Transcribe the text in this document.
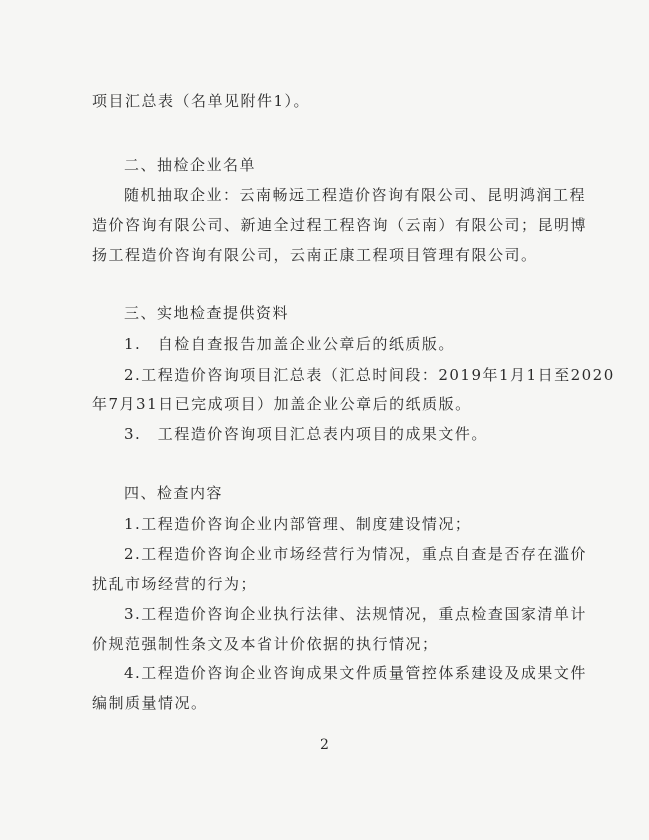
项目汇总表（名单见附件1）。
二、抽检企业名单
随机抽取企业：云南畅远工程造价咨询有限公司、昆明鸿润工程
造价咨询有限公司、新迪全过程工程咨询（云南）有限公司；昆明博
扬工程造价咨询有限公司，云南正康工程项目管理有限公司。
三、实地检查提供资料
1.　自检自查报告加盖企业公章后的纸质版。
2.工程造价咨询项目汇总表（汇总时间段：2019年1月1日至2020
年7月31日已完成项目）加盖企业公章后的纸质版。
3.　工程造价咨询项目汇总表内项目的成果文件。
四、检查内容
1.工程造价咨询企业内部管理、制度建设情况；
2.工程造价咨询企业市场经营行为情况，重点自查是否存在滥价
扰乱市场经营的行为；
3.工程造价咨询企业执行法律、法规情况，重点检查国家清单计
价规范强制性条文及本省计价依据的执行情况；
4.工程造价咨询企业咨询成果文件质量管控体系建设及成果文件
编制质量情况。
2
